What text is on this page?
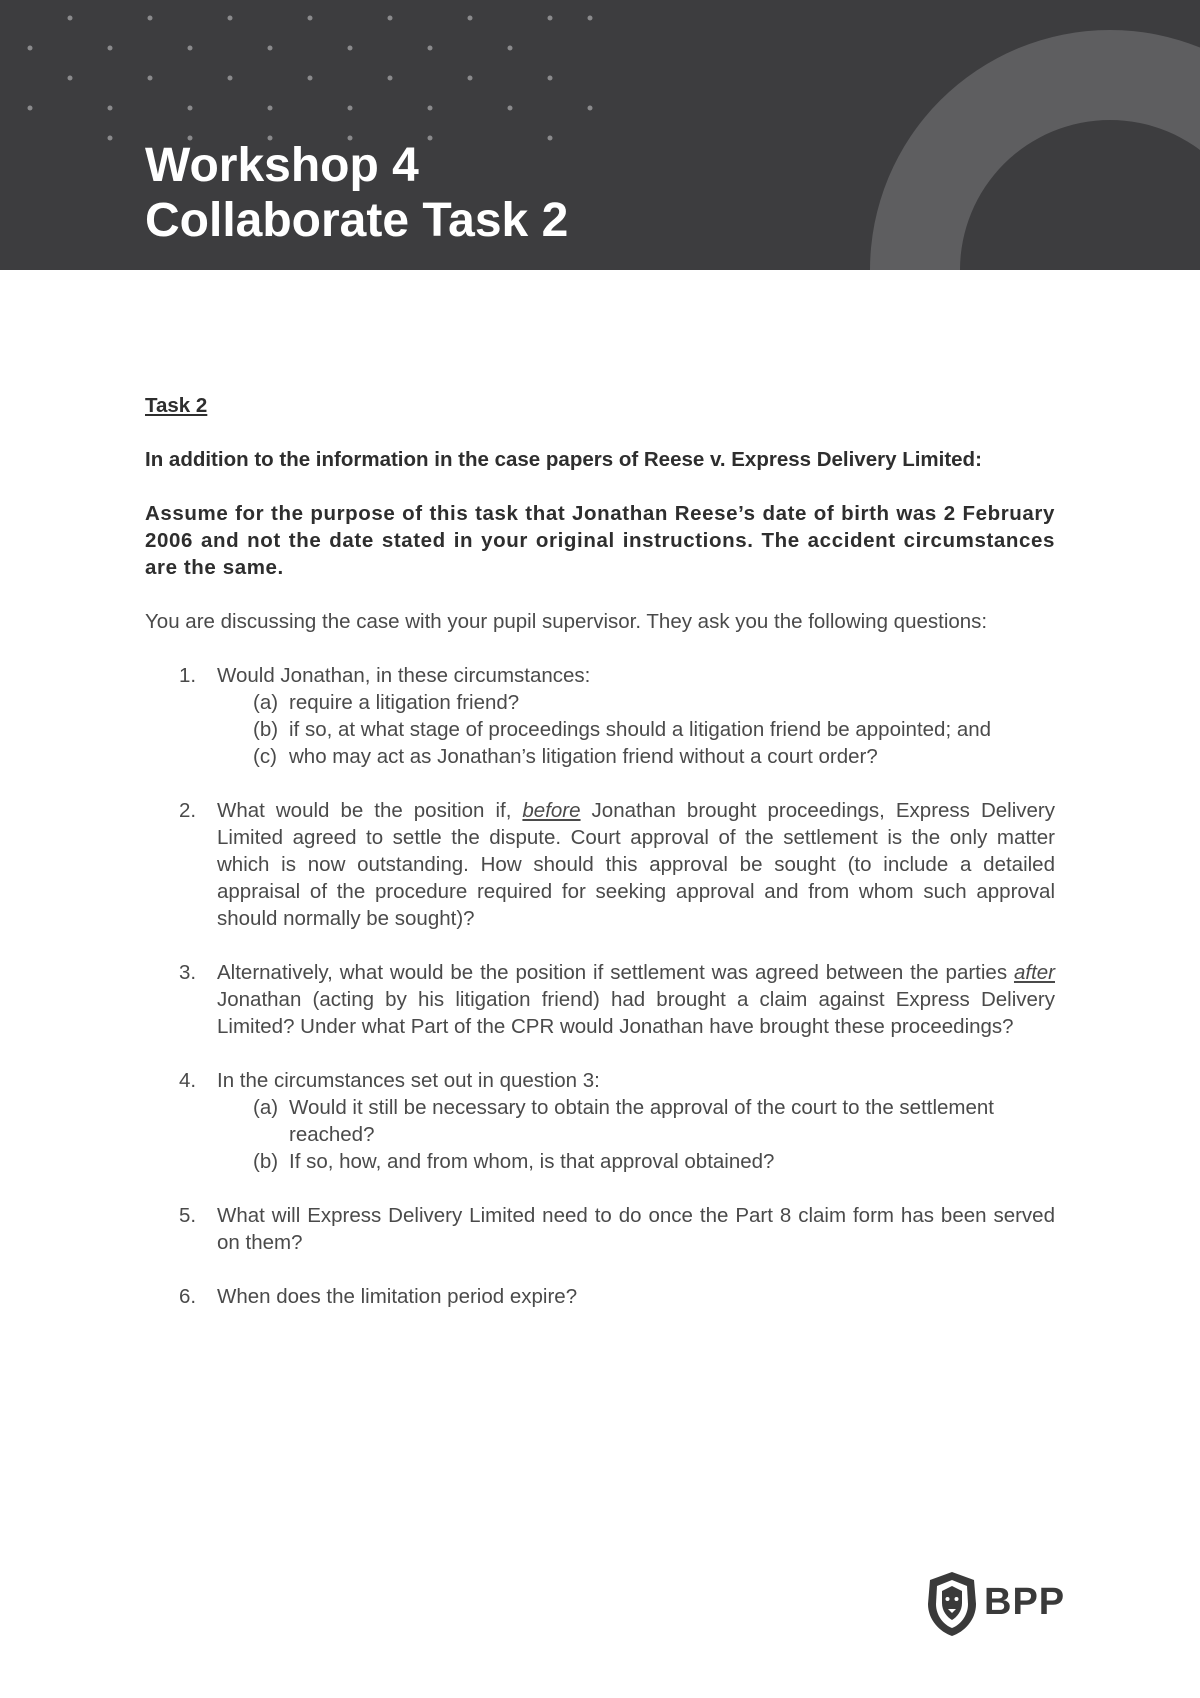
Workshop 4
Collaborate Task 2
Task 2
In addition to the information in the case papers of Reese v. Express Delivery Limited:
Assume for the purpose of this task that Jonathan Reese’s date of birth was 2 February 2006 and not the date stated in your original instructions. The accident circumstances are the same.
You are discussing the case with your pupil supervisor. They ask you the following questions:
1. Would Jonathan, in these circumstances:
(a) require a litigation friend?
(b) if so, at what stage of proceedings should a litigation friend be appointed; and
(c) who may act as Jonathan’s litigation friend without a court order?
2. What would be the position if, before Jonathan brought proceedings, Express Delivery Limited agreed to settle the dispute. Court approval of the settlement is the only matter which is now outstanding. How should this approval be sought (to include a detailed appraisal of the procedure required for seeking approval and from whom such approval should normally be sought)?
3. Alternatively, what would be the position if settlement was agreed between the parties after Jonathan (acting by his litigation friend) had brought a claim against Express Delivery Limited? Under what Part of the CPR would Jonathan have brought these proceedings?
4. In the circumstances set out in question 3:
(a) Would it still be necessary to obtain the approval of the court to the settlement reached?
(b) If so, how, and from whom, is that approval obtained?
5. What will Express Delivery Limited need to do once the Part 8 claim form has been served on them?
6. When does the limitation period expire?
BPP
